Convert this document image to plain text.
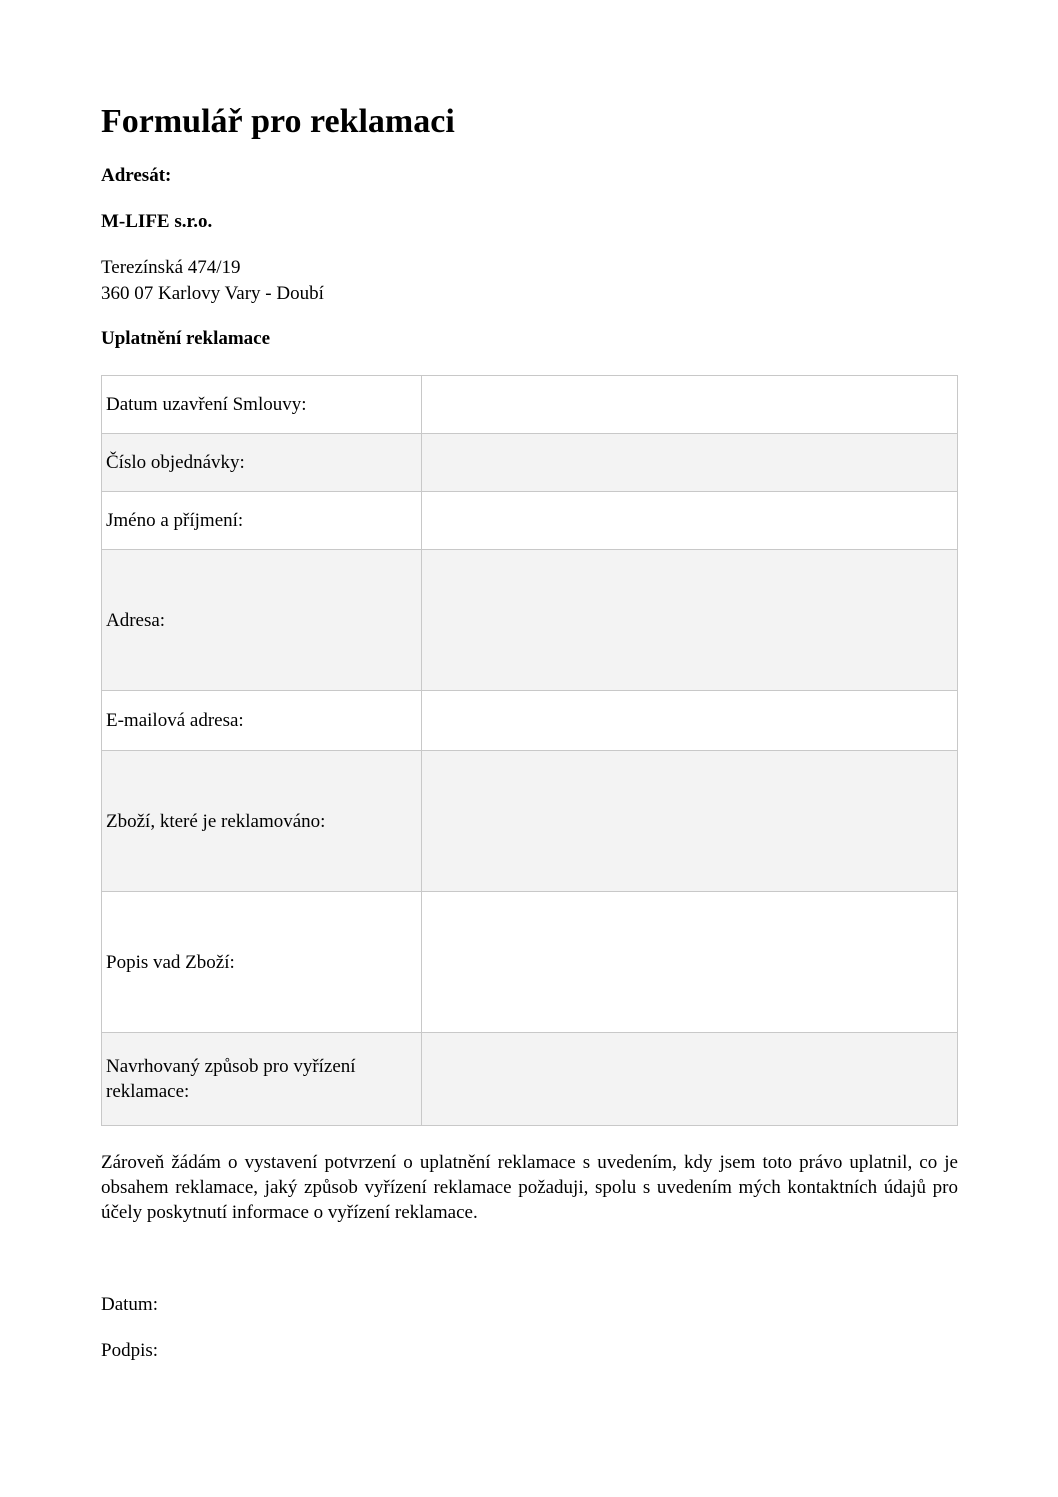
Formulář pro reklamaci

Adresát:

M-LIFE s.r.o.

Terezínská 474/19

360 07 Karlovy Vary - Doubí

Uplatnění reklamace

Datum uzavření Smlouvy:	
Číslo objednávky:	
Jméno a příjmení:	
Adresa:	
E-mailová adresa:	
Zboží, které je reklamováno:	
Popis vad Zboží:	
Navrhovaný způsob pro vyřízení reklamace:	

Zároveň žádám o vystavení potvrzení o uplatnění reklamace s uvedením, kdy jsem toto právo uplatnil, co je obsahem reklamace, jaký způsob vyřízení reklamace požaduji, spolu s uvedením mých kontaktních údajů pro účely poskytnutí informace o vyřízení reklamace.

Datum:

Podpis:
